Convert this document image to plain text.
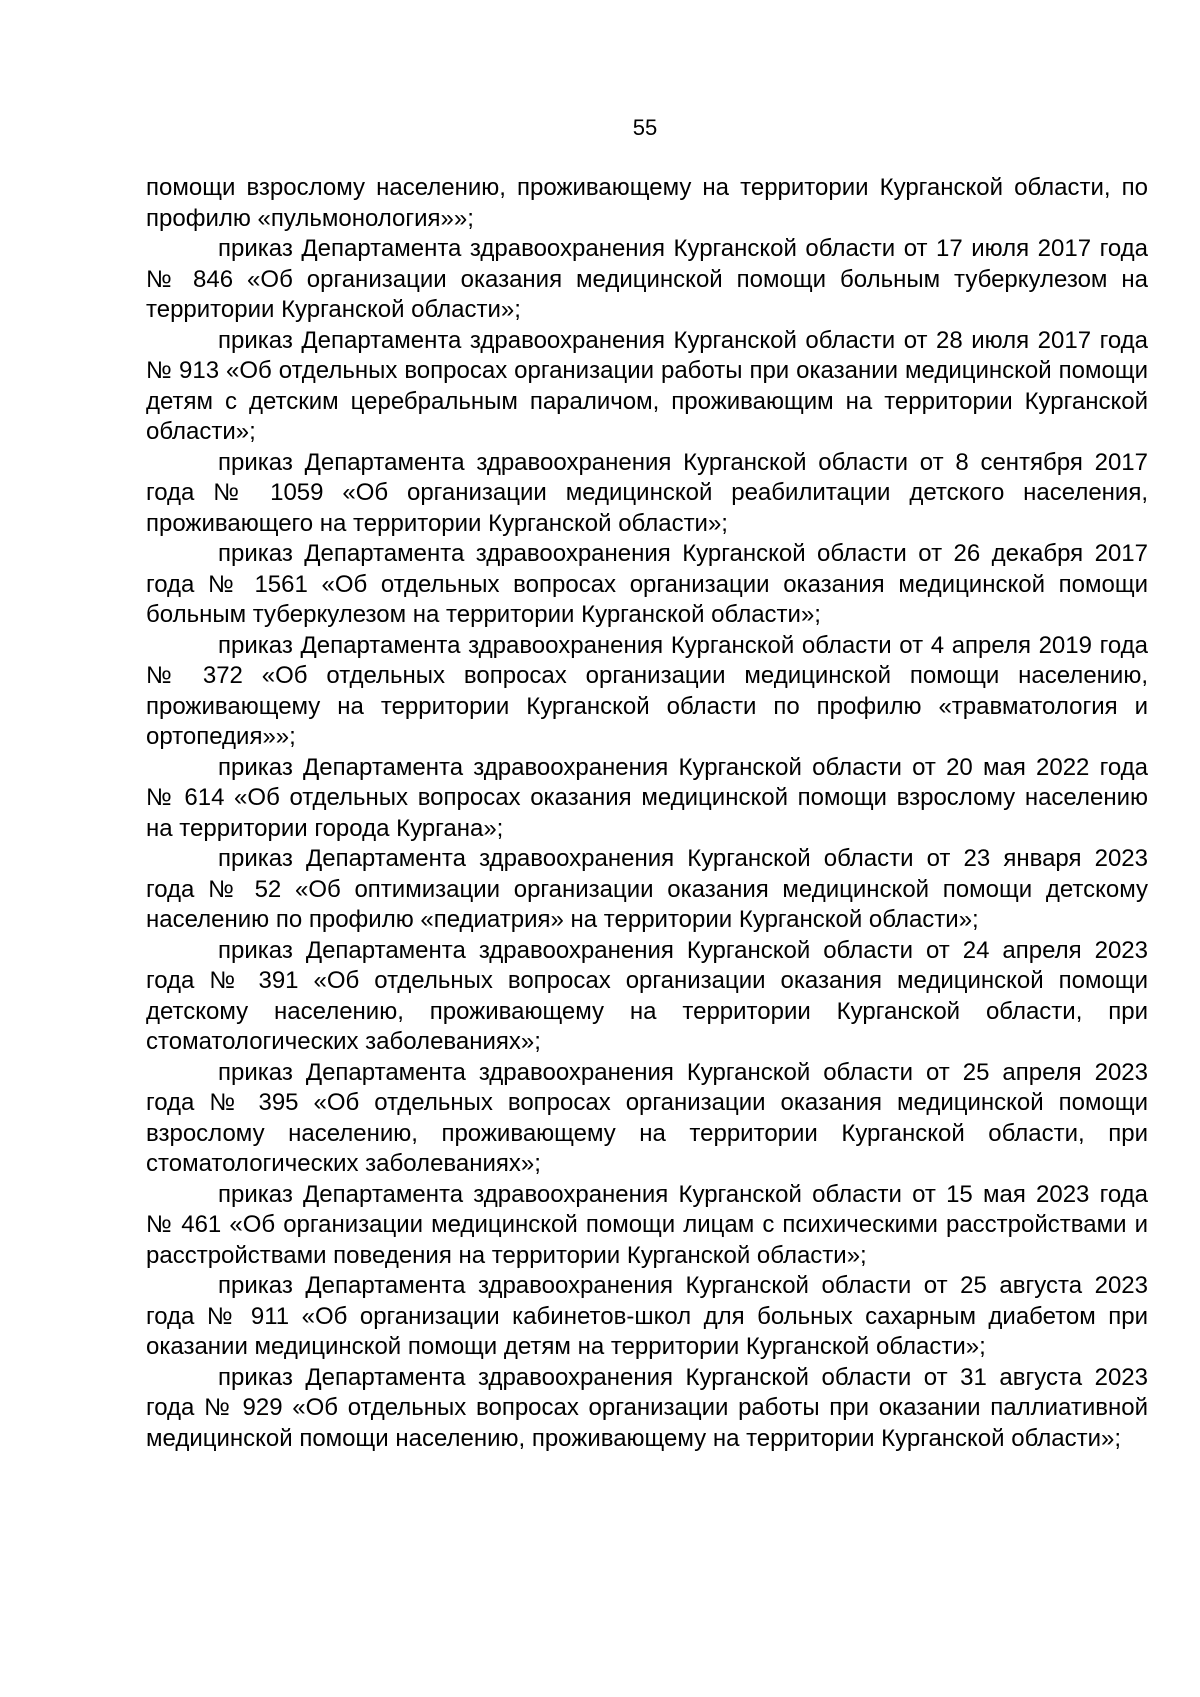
55

помощи взрослому населению, проживающему на территории Курганской области, по профилю «пульмонология»»;

приказ Департамента здравоохранения Курганской области от 17 июля 2017 года № 846 «Об организации оказания медицинской помощи больным туберкулезом на территории Курганской области»;

приказ Департамента здравоохранения Курганской области от 28 июля 2017 года № 913 «Об отдельных вопросах организации работы при оказании медицинской помощи детям с детским церебральным параличом, проживающим на территории Курганской области»;

приказ Департамента здравоохранения Курганской области от 8 сентября 2017 года № 1059 «Об организации медицинской реабилитации детского населения, проживающего на территории Курганской области»;

приказ Департамента здравоохранения Курганской области от 26 декабря 2017 года № 1561 «Об отдельных вопросах организации оказания медицинской помощи больным туберкулезом на территории Курганской области»;

приказ Департамента здравоохранения Курганской области от 4 апреля 2019 года № 372 «Об отдельных вопросах организации медицинской помощи населению, проживающему на территории Курганской области по профилю «травматология и ортопедия»»;

приказ Департамента здравоохранения Курганской области от 20 мая 2022 года № 614 «Об отдельных вопросах оказания медицинской помощи взрослому населению на территории города Кургана»;

приказ Департамента здравоохранения Курганской области от 23 января 2023 года № 52 «Об оптимизации организации оказания медицинской помощи детскому населению по профилю «педиатрия» на территории Курганской области»;

приказ Департамента здравоохранения Курганской области от 24 апреля 2023 года № 391 «Об отдельных вопросах организации оказания медицинской помощи детскому населению, проживающему на территории Курганской области, при стоматологических заболеваниях»;

приказ Департамента здравоохранения Курганской области от 25 апреля 2023 года № 395 «Об отдельных вопросах организации оказания медицинской помощи взрослому населению, проживающему на территории Курганской области, при стоматологических заболеваниях»;

приказ Департамента здравоохранения Курганской области от 15 мая 2023 года № 461 «Об организации медицинской помощи лицам с психическими расстройствами и расстройствами поведения на территории Курганской области»;

приказ Департамента здравоохранения Курганской области от 25 августа 2023 года № 911 «Об организации кабинетов-школ для больных сахарным диабетом при оказании медицинской помощи детям на территории Курганской области»;

приказ Департамента здравоохранения Курганской области от 31 августа 2023 года № 929 «Об отдельных вопросах организации работы при оказании паллиативной медицинской помощи населению, проживающему на территории Курганской области»;
